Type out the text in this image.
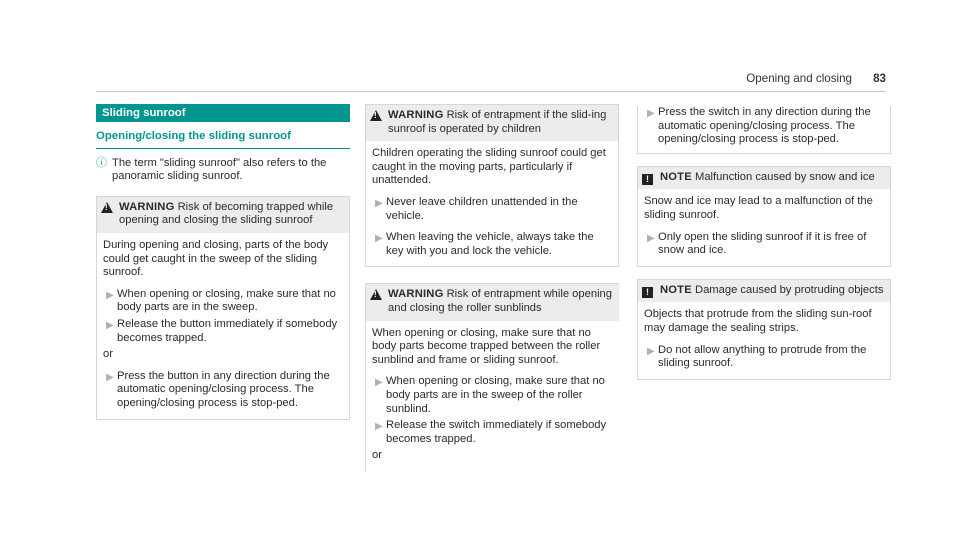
Opening and closing 83
Sliding sunroof
Opening/closing the sliding sunroof
ⓘ The term "sliding sunroof" also refers to the panoramic sliding sunroof.
!
WARNING Risk of becoming trapped while opening and closing the sliding sunroof

During opening and closing, parts of the body could get caught in the sweep of the sliding sunroof.

▶ When opening or closing, make sure that no body parts are in the sweep.
▶ Release the button immediately if somebody becomes trapped.
or
▶ Press the button in any direction during the automatic opening/closing process. The opening/closing process is stop-ped.
!
WARNING Risk of entrapment if the slid-ing sunroof is operated by children

Children operating the sliding sunroof could get caught in the moving parts, particularly if unattended.

▶ Never leave children unattended in the vehicle.
▶ When leaving the vehicle, always take the key with you and lock the vehicle.
!
WARNING Risk of entrapment while opening and closing the roller sunblinds

When opening or closing, make sure that no body parts become trapped between the roller sunblind and frame or sliding sunroof.

▶ When opening or closing, make sure that no body parts are in the sweep of the roller sunblind.
▶ Release the switch immediately if somebody becomes trapped.
or
▶ Press the switch in any direction during the automatic opening/closing process. The opening/closing process is stop-ped.
! NOTE Malfunction caused by snow and ice

Snow and ice may lead to a malfunction of the sliding sunroof.

▶ Only open the sliding sunroof if it is free of snow and ice.
! NOTE Damage caused by protruding objects

Objects that protrude from the sliding sun-roof may damage the sealing strips.

▶ Do not allow anything to protrude from the sliding sunroof.
